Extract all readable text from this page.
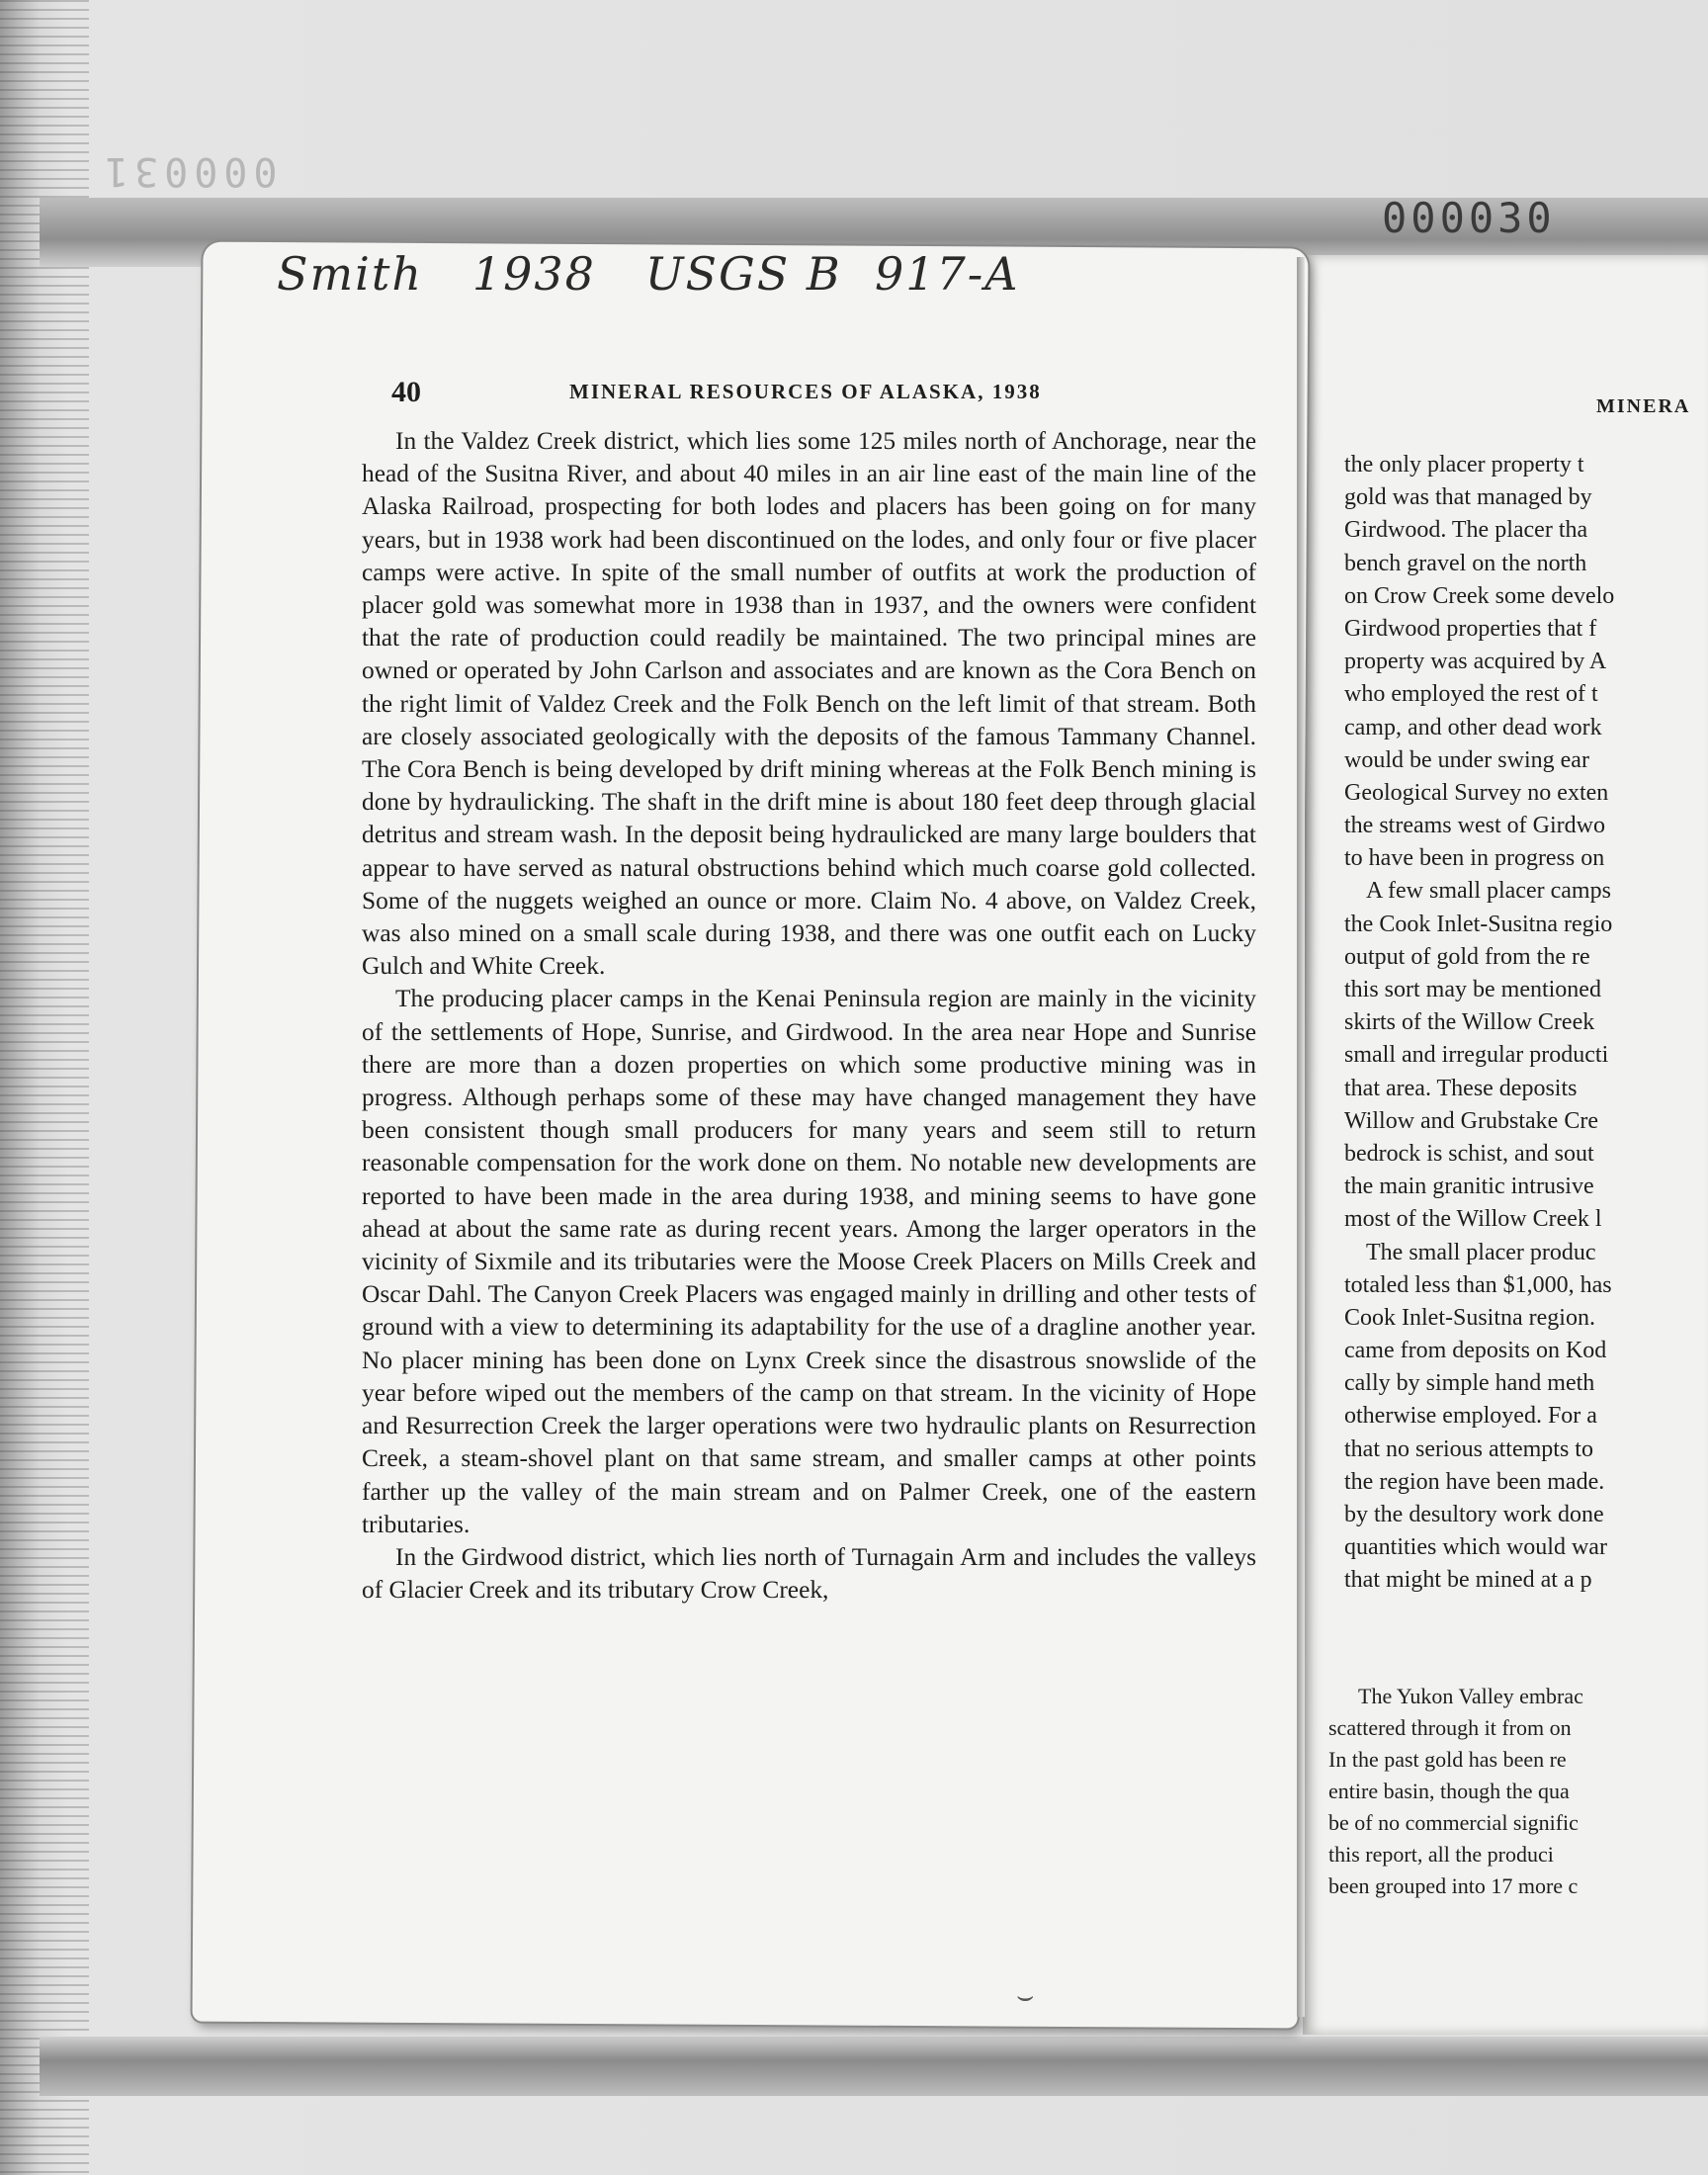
000031
000030
Smith   1938   USGS B  917-A
40	MINERAL RESOURCES OF ALASKA, 1938

In the Valdez Creek district, which lies some 125 miles north of Anchorage, near the head of the Susitna River, and about 40 miles in an air line east of the main line of the Alaska Railroad, prospecting for both lodes and placers has been going on for many years, but in 1938 work had been discontinued on the lodes, and only four or five placer camps were active. In spite of the small number of outfits at work the production of placer gold was somewhat more in 1938 than in 1937, and the owners were confident that the rate of production could readily be maintained. The two principal mines are owned or operated by John Carlson and associates and are known as the Cora Bench on the right limit of Valdez Creek and the Folk Bench on the left limit of that stream. Both are closely associated geologically with the deposits of the famous Tammany Channel. The Cora Bench is being developed by drift mining whereas at the Folk Bench mining is done by hydraulicking. The shaft in the drift mine is about 180 feet deep through glacial detritus and stream wash. In the deposit being hydraulicked are many large boulders that appear to have served as natural obstructions behind which much coarse gold collected. Some of the nuggets weighed an ounce or more. Claim No. 4 above, on Valdez Creek, was also mined on a small scale during 1938, and there was one outfit each on Lucky Gulch and White Creek.

The producing placer camps in the Kenai Peninsula region are mainly in the vicinity of the settlements of Hope, Sunrise, and Girdwood. In the area near Hope and Sunrise there are more than a dozen properties on which some productive mining was in progress. Although perhaps some of these may have changed management they have been consistent though small producers for many years and seem still to return reasonable compensation for the work done on them. No notable new developments are reported to have been made in the area during 1938, and mining seems to have gone ahead at about the same rate as during recent years. Among the larger operators in the vicinity of Sixmile and its tributaries were the Moose Creek Placers on Mills Creek and Oscar Dahl. The Canyon Creek Placers was engaged mainly in drilling and other tests of ground with a view to determining its adaptability for the use of a dragline another year. No placer mining has been done on Lynx Creek since the disastrous snowslide of the year before wiped out the members of the camp on that stream. In the vicinity of Hope and Resurrection Creek the larger operations were two hydraulic plants on Resurrection Creek, a steam-shovel plant on that same stream, and smaller camps at other points farther up the valley of the main stream and on Palmer Creek, one of the eastern tributaries.

In the Girdwood district, which lies north of Turnagain Arm and includes the valleys of Glacier Creek and its tributary Crow Creek,

MINERA
the only placer property t
gold was that managed by
Girdwood. The placer tha
bench gravel on the north
on Crow Creek some develo
Girdwood properties that f
property was acquired by A
who employed the rest of t
camp, and other dead work
would be under swing ear
Geological Survey no exten
the streams west of Girdwo
to have been in progress on
A few small placer camps
the Cook Inlet-Susitna regio
output of gold from the re
this sort may be mentioned
skirts of the Willow Creek
small and irregular producti
that area. These deposits
Willow and Grubstake Cre
bedrock is schist, and sout
the main granitic intrusive
most of the Willow Creek l
The small placer produc
totaled less than $1,000, has
Cook Inlet-Susitna region.
came from deposits on Kod
cally by simple hand meth
otherwise employed. For a
that no serious attempts to
the region have been made.
by the desultory work done
quantities which would war
that might be mined at a p
The Yukon Valley embrac
scattered through it from on
In the past gold has been re
entire basin, though the qua
be of no commercial signific
this report, all the produci
been grouped into 17 more c
⌣
